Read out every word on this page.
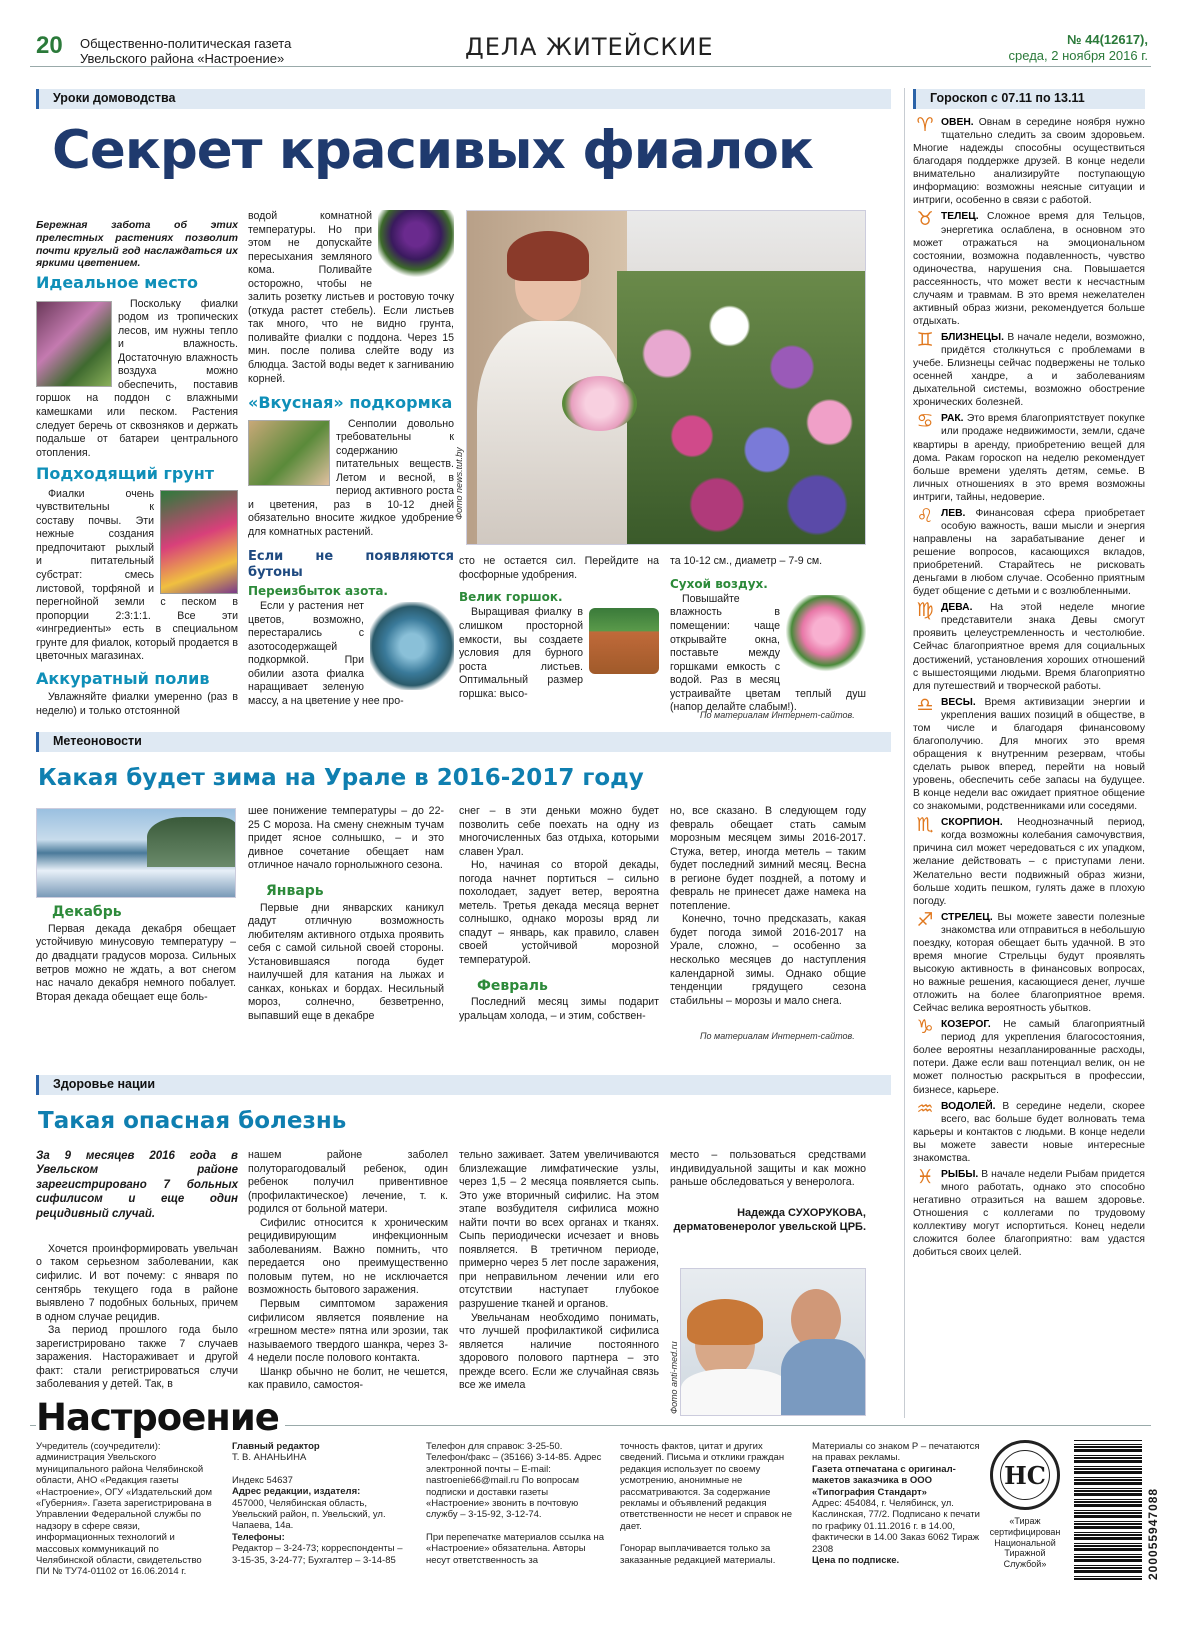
20 Общественно-политическая газета
Увельского района «Настроение»	ДЕЛА ЖИТЕЙСКИЕ	№ 44(12617),
среда, 2 ноября 2016 г.
Уроки домоводства
Секрет красивых фиалок
Бережная забота об этих прелестных растениях позволит почти круглый год наслаждаться их яркими цветением.
Идеальное место

Поскольку фиалки родом из тропических лесов, им нужны тепло и влажность. Достаточную влажность воздуха можно обеспечить, поставив горшок на поддон с влажными камешками или песком. Растения следует беречь от сквозняков и держать подальше от батареи центрального отопления.

Подходящий грунт

Фиалки очень чувствительны к составу почвы. Эти нежные создания предпочитают рыхлый и питательный субстрат: смесь листовой, торфяной и перегнойной земли с песком в пропорции 2:3:1:1. Все эти «ингредиенты» есть в специальном грунте для фиалок, который продается в цветочных магазинах.

Аккуратный полив

Увлажняйте фиалки умеренно (раз в неделю) и только отстоянной

водой комнатной температуры. Но при этом не допускайте пересыхания земляного кома. Поливайте осторожно, чтобы не залить розетку листьев и ростовую точку (откуда растет стебель). Если листьев так много, что не видно грунта, поливайте фиалки с поддона. Через 15 мин. после полива слейте воду из блюдца. Застой воды ведет к загниванию корней.

«Вкусная» подкормка

Сенполии довольно требовательны к содержанию питательных веществ. Летом и весной, в период активного роста и цветения, раз в 10-12 дней обязательно вносите жидкое удобрение для комнатных растений.

Если не появляются бутоны
Переизбыток азота.

Если у растения нет цветов, возможно, перестарались с азотосодержащей подкормкой. При обилии азота фиалка наращивает зеленую массу, а на цветение у нее про-

Фото news.tut.by

сто не остается сил. Перейдите на фосфорные удобрения.

Велик горшок.

Выращивая фиалку в слишком просторной емкости, вы создаете условия для бурного роста листьев. Оптимальный размер горшка: высо-

та 10-12 см., диаметр – 7-9 см.

Сухой воздух.

Повышайте влажность в помещении: чаще открывайте окна, поставьте между горшками емкость с водой. Раз в месяц устраивайте цветам теплый душ (напор делайте слабым!).

По материалам Интернет-сайтов.
Метеоновости
Какая будет зима на Урале в 2016-2017 году
Декабрь

Первая декада декабря обещает устойчивую минусовую температуру – до двадцати градусов мороза. Сильных ветров можно не ждать, а вот снегом нас начало декабря немного побалует. Вторая декада обещает еще боль-

шее понижение температуры – до 22-25 С мороза. На смену снежным тучам придет ясное солнышко, – и это дивное сочетание обещает нам отличное начало горнолыжного сезона.

Январь

Первые дни январских каникул дадут отличную возможность любителям активного отдыха проявить себя с самой сильной своей стороны. Установившаяся погода будет наилучшей для катания на лыжах и санках, коньках и бордах. Несильный мороз, солнечно, безветренно, выпавший еще в декабре

снег – в эти деньки можно будет позволить себе поехать на одну из многочисленных баз отдыха, которыми славен Урал.

Но, начиная со второй декады, погода начнет портиться – сильно похолодает, задует ветер, вероятна метель. Третья декада месяца вернет солнышко, однако морозы вряд ли спадут – январь, как правило, славен своей устойчивой морозной температурой.

Февраль

Последний месяц зимы подарит уральцам холода, – и этим, собствен-

но, все сказано. В следующем году февраль обещает стать самым морозным месяцем зимы 2016-2017. Стужа, ветер, иногда метель – таким будет последний зимний месяц. Весна в регионе будет поздней, а потому и февраль не принесет даже намека на потепление.

Конечно, точно предсказать, какая будет погода зимой 2016-2017 на Урале, сложно, – особенно за несколько месяцев до наступления календарной зимы. Однако общие тенденции грядущего сезона стабильны – морозы и мало снега.

По материалам Интернет-сайтов.
Здоровье нации
Такая опасная болезнь
За 9 месяцев 2016 года в Увельском районе зарегистрировано 7 больных сифилисом и еще один рецидивный случай.

Хочется проинформировать увельчан о таком серьезном заболевании, как сифилис. И вот почему: с января по сентябрь текущего года в районе выявлено 7 подобных больных, причем в одном случае рецидив.

За период прошлого года было зарегистрировано также 7 случаев заражения. Настораживает и другой факт: стали регистрироваться случи заболевания у детей. Так, в

нашем районе заболел полуторагодовалый ребенок, один ребенок получил привентивное (профилактическое) лечение, т. к. родился от больной матери.

Сифилис относится к хроническим рецидивирующим инфекционным заболеваниям. Важно помнить, что передается оно преимущественно половым путем, но не исключается возможность бытового заражения.

Первым симптомом заражения сифилисом является появление на «грешном месте» пятна или эрозии, так называемого твердого шанкра, через 3-4 недели после полового контакта.

Шанкр обычно не болит, не чешется, как правило, самостоя-

тельно заживает. Затем увеличиваются близлежащие лимфатические узлы, через 1,5 – 2 месяца появляется сыпь. Это уже вторичный сифилис. На этом этапе возбудителя сифилиса можно найти почти во всех органах и тканях. Сыпь периодически исчезает и вновь появляется. В третичном периоде, примерно через 5 лет после заражения, при неправильном лечении или его отсутствии наступает глубокое разрушение тканей и органов.

Увельчанам необходимо понимать, что лучшей профилактикой сифилиса является наличие постоянного здорового полового партнера – это прежде всего. Если же случайная связь все же имела

место – пользоваться средствами индивидуальной защиты и как можно раньше обследоваться у венеролога.

Надежда СУХОРУКОВА,
дерматовенеролог увельской ЦРБ.
Фото anti-med.ru
Гороскоп с 07.11 по 13.11

♈ ОВЕН. Овнам в середине ноября нужно тщательно следить за своим здоровьем. Многие надежды способны осуществиться благодаря поддержке друзей. В конце недели внимательно анализируйте поступающую информацию: возможны неясные ситуации и интриги, особенно в связи с работой.

♉ ТЕЛЕЦ. Сложное время для Тельцов, энергетика ослаблена, в основном это может отражаться на эмоциональном состоянии, возможна подавленность, чувство одиночества, нарушения сна. Повышается рассеянность, что может вести к несчастным случаям и травмам. В это время нежелателен активный образ жизни, рекомендуется больше отдыхать.

♊ БЛИЗНЕЦЫ. В начале недели, возможно, придётся столкнуться с проблемами в учебе. Близнецы сейчас подвержены не только осенней хандре, а и заболеваниям дыхательной системы, возможно обострение хронических болезней.

♋ РАК. Это время благоприятствует покупке или продаже недвижимости, земли, сдаче квартиры в аренду, приобретению вещей для дома. Ракам гороскоп на неделю рекомендует больше времени уделять детям, семье. В личных отношениях в это время возможны интриги, тайны, недоверие.

♌ ЛЕВ. Финансовая сфера приобретает особую важность, ваши мысли и энергия направлены на зарабатывание денег и решение вопросов, касающихся вкладов, приобретений. Старайтесь не рисковать деньгами в любом случае. Особенно приятным будет общение с детьми и с возлюбленными.

♍ ДЕВА. На этой неделе многие представители знака Девы смогут проявить целеустремленность и честолюбие. Сейчас благоприятное время для социальных достижений, установления хороших отношений с вышестоящими людьми. Время благоприятно для путешествий и творческой работы.

♎ ВЕСЫ. Время активизации энергии и укрепления ваших позиций в обществе, в том числе и благодаря финансовому благополучию. Для многих это время обращения к внутренним резервам, чтобы сделать рывок вперед, перейти на новый уровень, обеспечить себе запасы на будущее. В конце недели вас ожидает приятное общение со знакомыми, родственниками или соседями.

♏ СКОРПИОН. Неоднозначный период, когда возможны колебания самочувствия, причина сил может чередоваться с их упадком, желание действовать – с приступами лени. Желательно вести подвижный образ жизни, больше ходить пешком, гулять даже в плохую погоду.

♐ СТРЕЛЕЦ. Вы можете завести полезные знакомства или отправиться в небольшую поездку, которая обещает быть удачной. В это время многие Стрельцы будут проявлять высокую активность в финансовых вопросах, но важные решения, касающиеся денег, лучше отложить на более благоприятное время. Сейчас велика вероятность убытков.

♑ КОЗЕРОГ. Не самый благоприятный период для укрепления благосостояния, более вероятны незапланированные расходы, потери. Даже если ваш потенциал велик, он не может полностью раскрыться в профессии, бизнесе, карьере.

♒ ВОДОЛЕЙ. В середине недели, скорее всего, вас больше будет волновать тема карьеры и контактов с людьми. В конце недели вы можете завести новые интересные знакомства.

♓ РЫБЫ. В начале недели Рыбам придется много работать, однако это способно негативно отразиться на вашем здоровье. Отношения с коллегами по трудовому коллективу могут испортиться. Конец недели сложится более благоприятно: вам удастся добиться своих целей.

Настроение
Учредитель (соучредители): администрация Увельского муниципального района Челябинской области, АНО «Редакция газеты «Настроение», ОГУ «Издательский дом «Губерния». Газета зарегистрирована в Управлении Федеральной службы по надзору в сфере связи, информационных технологий и массовых коммуникаций по Челябинской области, свидетельство ПИ № ТУ74-01102 от 16.06.2014 г.
Главный редактор
Т. В. АНАНЬИНА
Индекс 54637
Адрес редакции, издателя:
457000, Челябинская область, Увельский район, п. Увельский, ул. Чапаева, 14а.
Телефоны:
Редактор – 3-24-73; корреспонденты – 3-15-35, 3-24-77; Бухгалтер – 3-14-85
Телефон для справок: 3-25-50. Телефон/факс – (35166) 3-14-85. Адрес электронной почты – E-mail: nastroenie66@mail.ru По вопросам подписки и доставки газеты «Настроение» звонить в почтовую службу – 3-15-92, 3-12-74.
При перепечатке материалов ссылка на «Настроение» обязательна. Авторы несут ответственность за
точность фактов, цитат и других сведений. Письма и отклики граждан редакция использует по своему усмотрению, анонимные не рассматриваются. За содержание рекламы и объявлений редакция ответственности не несет и справок не дает.
Гонорар выплачивается только за заказанные редакцией материалы.
Материалы со знаком Р – печатаются на правах рекламы.
Газета отпечатана с оригинал-макетов заказчика в ООО «Типография Стандарт»
Адрес: 454084, г. Челябинск, ул. Каслинская, 77/2. Подписано к печати по графику 01.11.2016 г. в 14.00, фактически в 14.00 Заказ 6062 Тираж 2308
Цена по подписке.
НС
«Тираж сертифицирован Национальной Тиражной Службой»	200055947088
